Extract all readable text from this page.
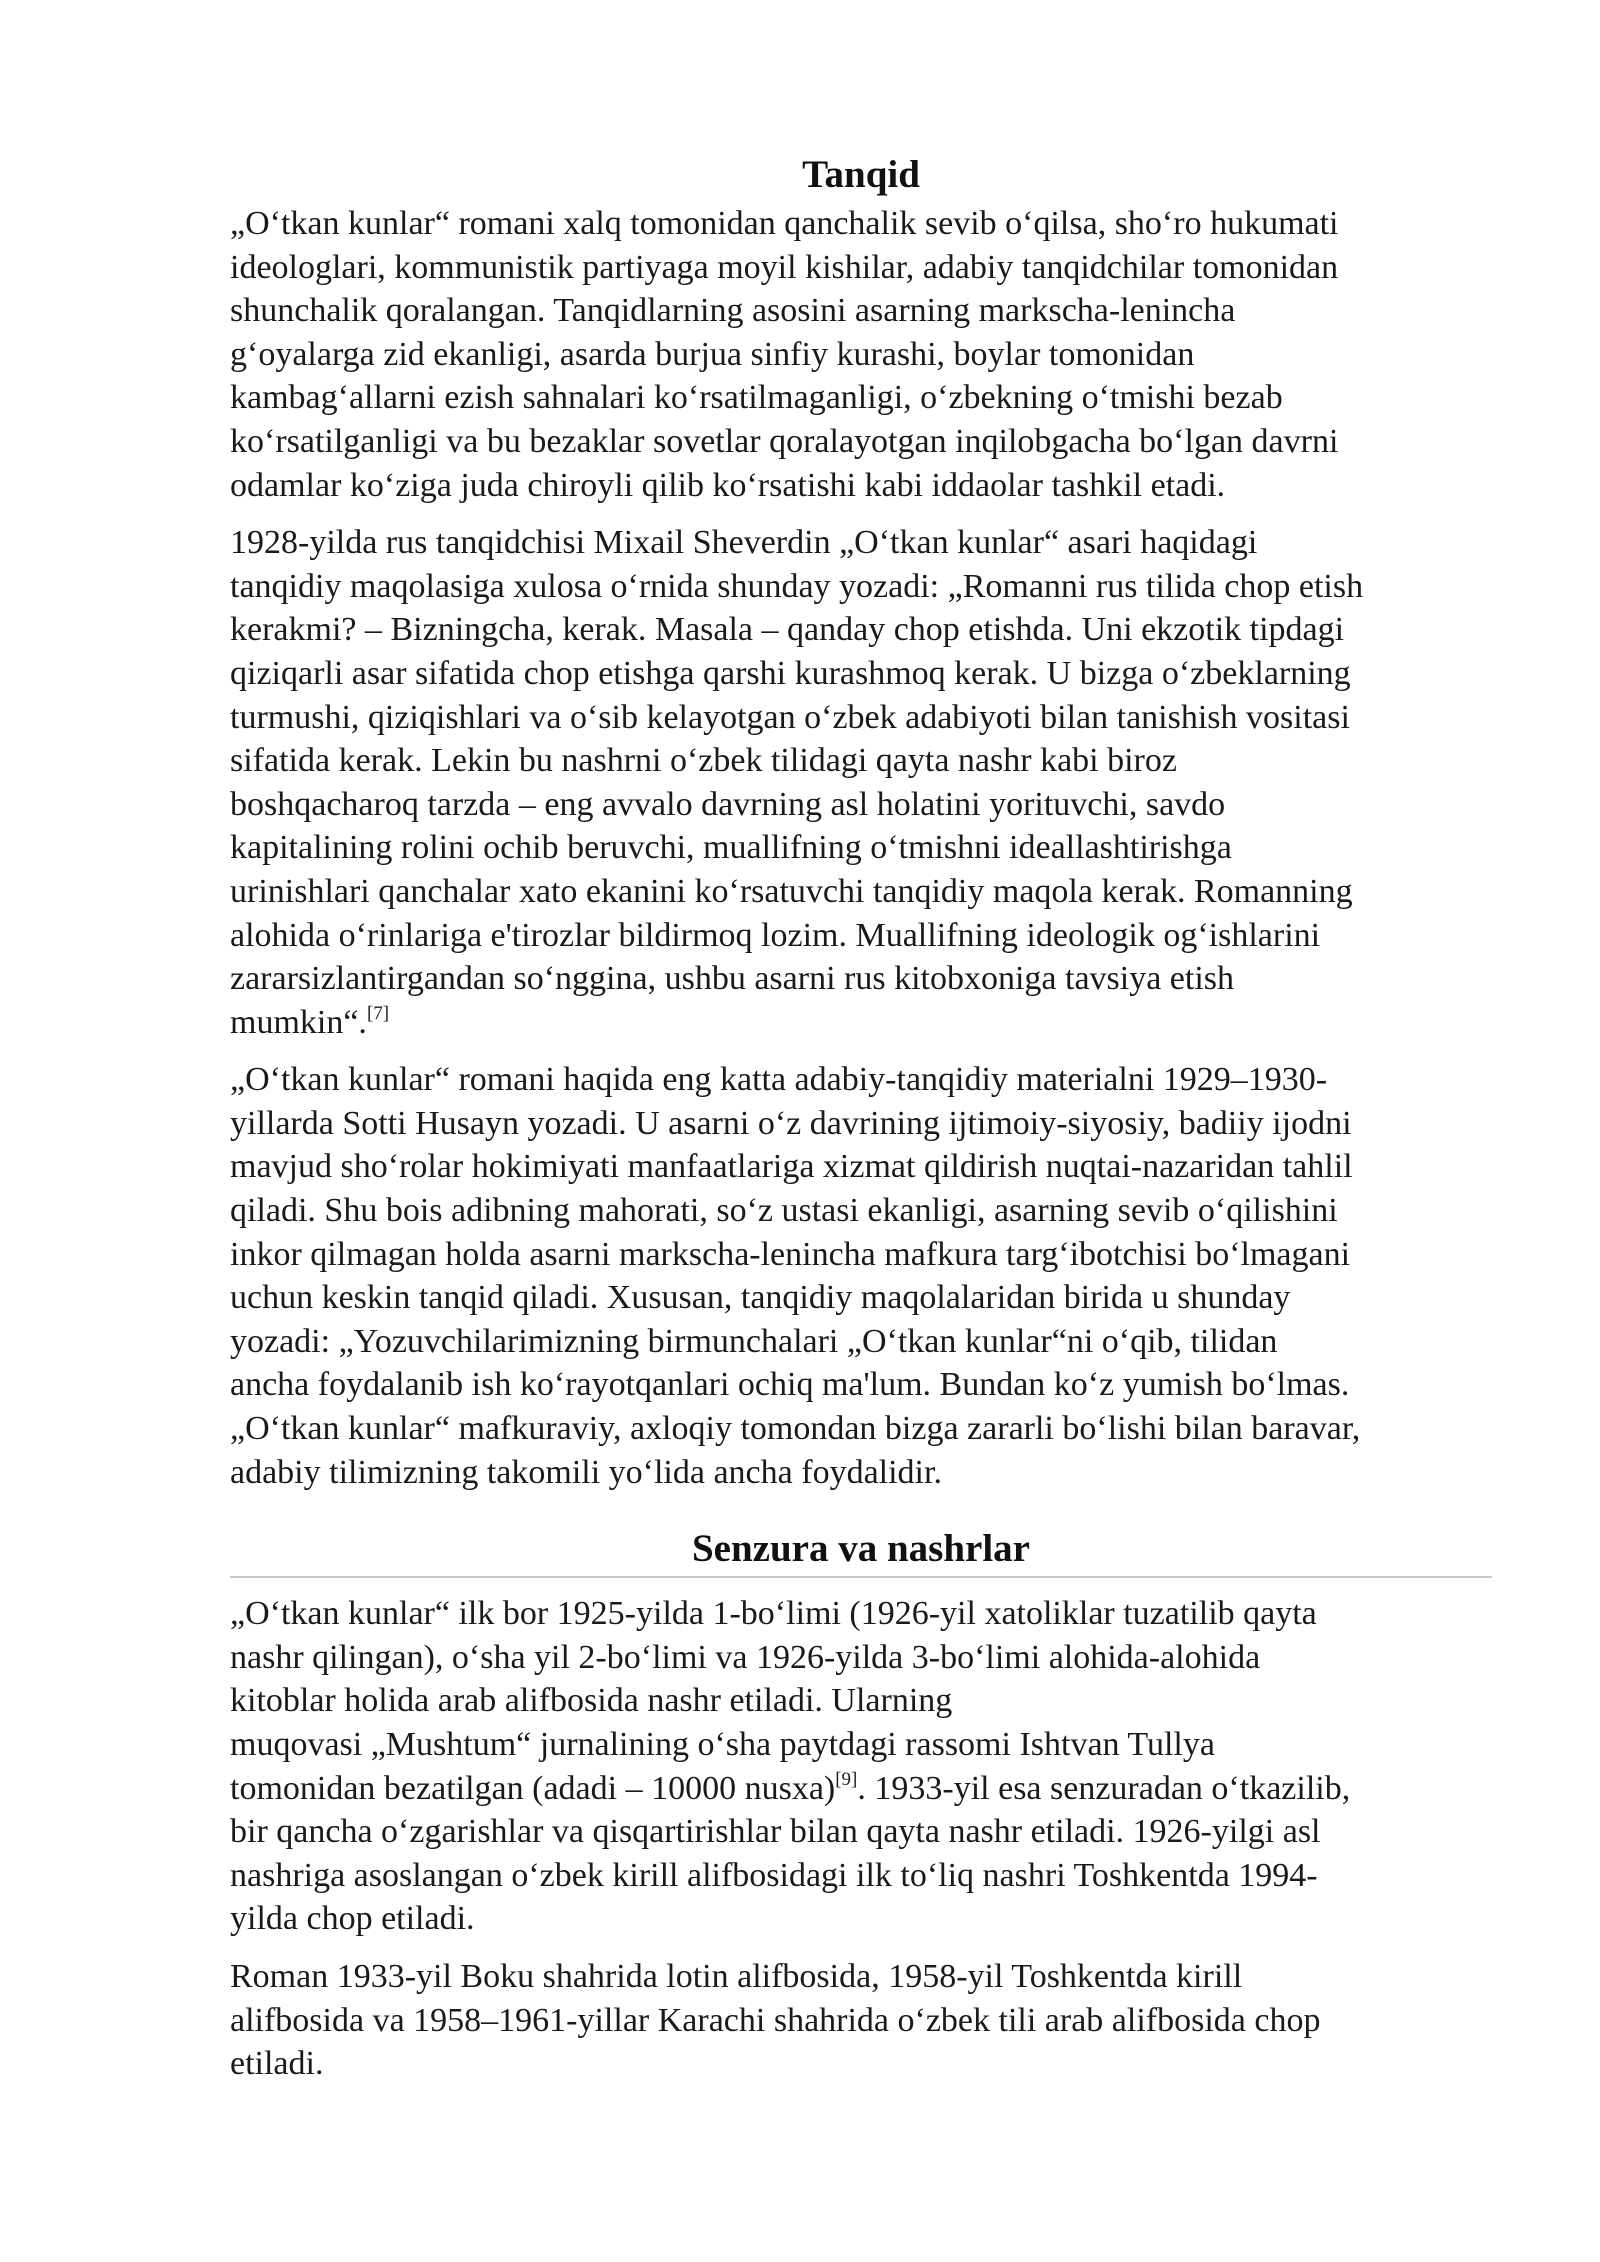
Tanqid

„O‘tkan kunlar“ romani xalq tomonidan qanchalik sevib o‘qilsa, sho‘ro hukumati
ideologlari, kommunistik partiyaga moyil kishilar, adabiy tanqidchilar tomonidan
shunchalik qoralangan. Tanqidlarning asosini asarning markscha-lenincha
g‘oyalarga zid ekanligi, asarda burjua sinfiy kurashi, boylar tomonidan
kambag‘allarni ezish sahnalari ko‘rsatilmaganligi, o‘zbekning o‘tmishi bezab
ko‘rsatilganligi va bu bezaklar sovetlar qoralayotgan inqilobgacha bo‘lgan davrni
odamlar ko‘ziga juda chiroyli qilib ko‘rsatishi kabi iddaolar tashkil etadi.

1928-yilda rus tanqidchisi Mixail Sheverdin „O‘tkan kunlar“ asari haqidagi
tanqidiy maqolasiga xulosa o‘rnida shunday yozadi: „Romanni rus tilida chop etish
kerakmi? – Bizningcha, kerak. Masala – qanday chop etishda. Uni ekzotik tipdagi
qiziqarli asar sifatida chop etishga qarshi kurashmoq kerak. U bizga o‘zbeklarning
turmushi, qiziqishlari va o‘sib kelayotgan o‘zbek adabiyoti bilan tanishish vositasi
sifatida kerak. Lekin bu nashrni o‘zbek tilidagi qayta nashr kabi biroz
boshqacharoq tarzda – eng avvalo davrning asl holatini yorituvchi, savdo
kapitalining rolini ochib beruvchi, muallifning o‘tmishni ideallashtirishga
urinishlari qanchalar xato ekanini ko‘rsatuvchi tanqidiy maqola kerak. Romanning
alohida o‘rinlariga e'tirozlar bildirmoq lozim. Muallifning ideologik og‘ishlarini
zararsizlantirgandan so‘nggina, ushbu asarni rus kitobxoniga tavsiya etish
mumkin“.[7]

„O‘tkan kunlar“ romani haqida eng katta adabiy-tanqidiy materialni 1929–1930-
yillarda Sotti Husayn yozadi. U asarni o‘z davrining ijtimoiy-siyosiy, badiiy ijodni
mavjud sho‘rolar hokimiyati manfaatlariga xizmat qildirish nuqtai-nazaridan tahlil
qiladi. Shu bois adibning mahorati, so‘z ustasi ekanligi, asarning sevib o‘qilishini
inkor qilmagan holda asarni markscha-lenincha mafkura targ‘ibotchisi bo‘lmagani
uchun keskin tanqid qiladi. Xususan, tanqidiy maqolalaridan birida u shunday
yozadi: „Yozuvchilarimizning birmunchalari „O‘tkan kunlar“ni o‘qib, tilidan
ancha foydalanib ish ko‘rayotqanlari ochiq ma'lum. Bundan ko‘z yumish bo‘lmas.
„O‘tkan kunlar“ mafkuraviy, axloqiy tomondan bizga zararli bo‘lishi bilan baravar,
adabiy tilimizning takomili yo‘lida ancha foydalidir.

Senzura va nashrlar

„O‘tkan kunlar“ ilk bor 1925-yilda 1-bo‘limi (1926-yil xatoliklar tuzatilib qayta
nashr qilingan), o‘sha yil 2-bo‘limi va 1926-yilda 3-bo‘limi alohida-alohida
kitoblar holida arab alifbosida nashr etiladi. Ularning
muqovasi „Mushtum“ jurnalining o‘sha paytdagi rassomi Ishtvan Tullya
tomonidan bezatilgan (adadi – 10000 nusxa)[9]. 1933-yil esa senzuradan o‘tkazilib,
bir qancha o‘zgarishlar va qisqartirishlar bilan qayta nashr etiladi. 1926-yilgi asl
nashriga asoslangan o‘zbek kirill alifbosidagi ilk to‘liq nashri Toshkentda 1994-
yilda chop etiladi.

Roman 1933-yil Boku shahrida lotin alifbosida, 1958-yil Toshkentda kirill
alifbosida va 1958–1961-yillar Karachi shahrida o‘zbek tili arab alifbosida chop
etiladi.
